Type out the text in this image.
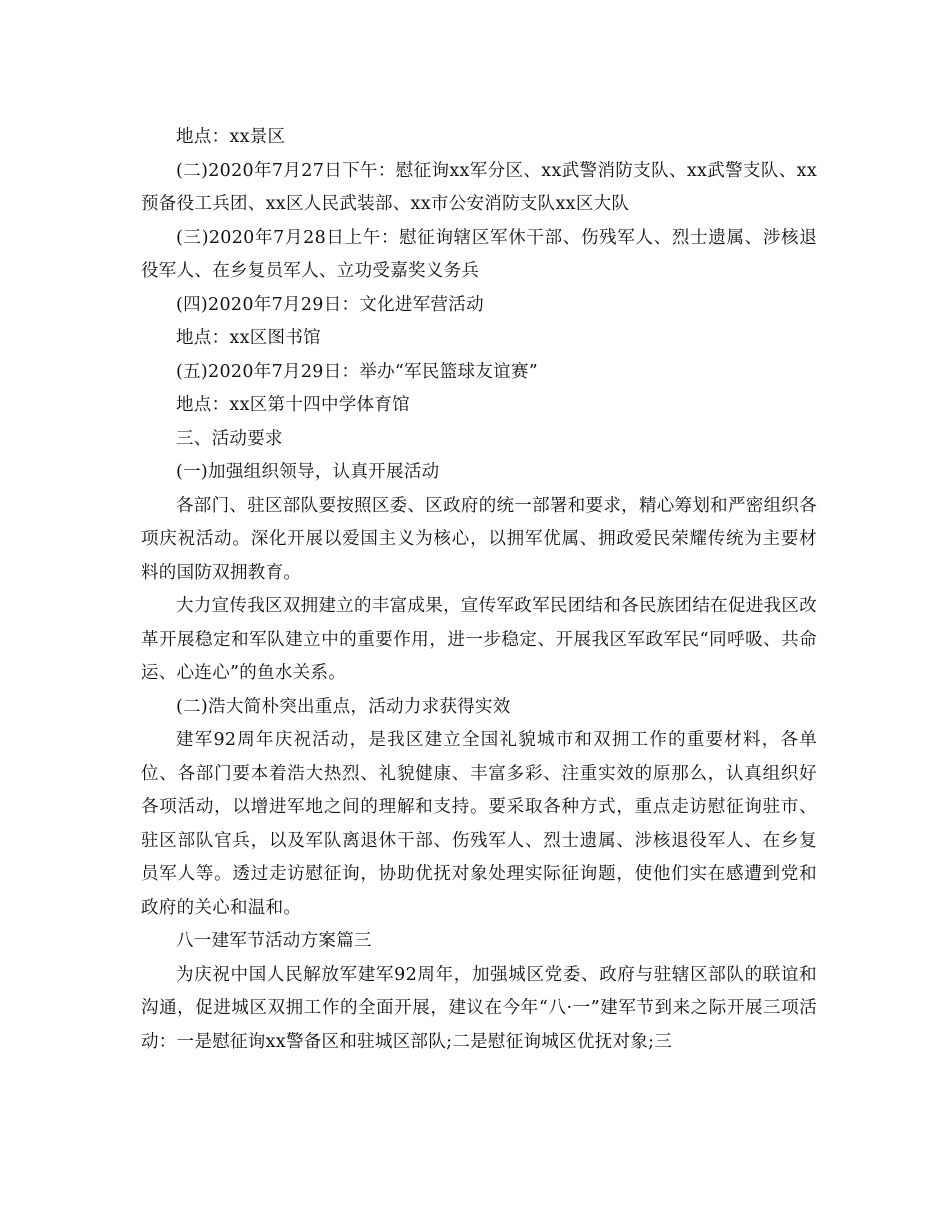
地点：xx景区

(二)2020年7月27日下午：慰征询xx军分区、xx武警消防支队、xx武警支队、xx预备役工兵团、xx区人民武装部、xx市公安消防支队xx区大队

(三)2020年7月28日上午：慰征询辖区军休干部、伤残军人、烈士遗属、涉核退役军人、在乡复员军人、立功受嘉奖义务兵

(四)2020年7月29日：文化进军营活动

地点：xx区图书馆

(五)2020年7月29日：举办“军民篮球友谊赛”

地点：xx区第十四中学体育馆

三、活动要求

(一)加强组织领导，认真开展活动

各部门、驻区部队要按照区委、区政府的统一部署和要求，精心筹划和严密组织各项庆祝活动。深化开展以爱国主义为核心，以拥军优属、拥政爱民荣耀传统为主要材料的国防双拥教育。

大力宣传我区双拥建立的丰富成果，宣传军政军民团结和各民族团结在促进我区改革开展稳定和军队建立中的重要作用，进一步稳定、开展我区军政军民“同呼吸、共命运、心连心”的鱼水关系。

(二)浩大简朴突出重点，活动力求获得实效

建军92周年庆祝活动，是我区建立全国礼貌城市和双拥工作的重要材料，各单位、各部门要本着浩大热烈、礼貌健康、丰富多彩、注重实效的原那么，认真组织好各项活动，以增进军地之间的理解和支持。要采取各种方式，重点走访慰征询驻市、驻区部队官兵，以及军队离退休干部、伤残军人、烈士遗属、涉核退役军人、在乡复员军人等。透过走访慰征询，协助优抚对象处理实际征询题，使他们实在感遭到党和政府的关心和温和。

八一建军节活动方案篇三

为庆祝中国人民解放军建军92周年，加强城区党委、政府与驻辖区部队的联谊和沟通，促进城区双拥工作的全面开展，建议在今年“八·一”建军节到来之际开展三项活动：一是慰征询xx警备区和驻城区部队;二是慰征询城区优抚对象;三
